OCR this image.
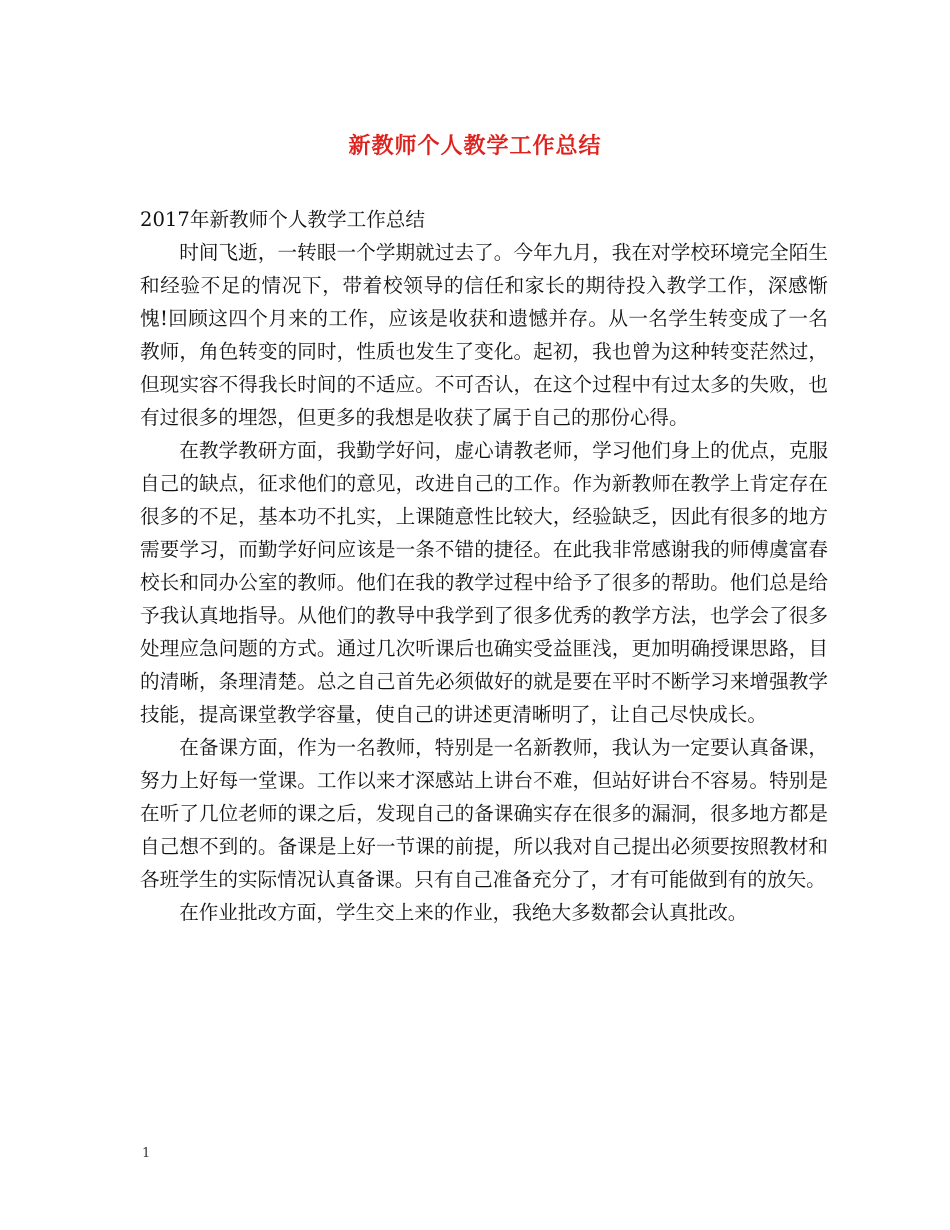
新教师个人教学工作总结

2017年新教师个人教学工作总结

时间飞逝，一转眼一个学期就过去了。今年九月，我在对学校环境完全陌生和经验不足的情况下，带着校领导的信任和家长的期待投入教学工作，深感惭愧!回顾这四个月来的工作，应该是收获和遗憾并存。从一名学生转变成了一名教师，角色转变的同时，性质也发生了变化。起初，我也曾为这种转变茫然过，但现实容不得我长时间的不适应。不可否认，在这个过程中有过太多的失败，也有过很多的埋怨，但更多的我想是收获了属于自己的那份心得。

在教学教研方面，我勤学好问，虚心请教老师，学习他们身上的优点，克服自己的缺点，征求他们的意见，改进自己的工作。作为新教师在教学上肯定存在很多的不足，基本功不扎实，上课随意性比较大，经验缺乏，因此有很多的地方需要学习，而勤学好问应该是一条不错的捷径。在此我非常感谢我的师傅虞富春校长和同办公室的教师。他们在我的教学过程中给予了很多的帮助。他们总是给予我认真地指导。从他们的教导中我学到了很多优秀的教学方法，也学会了很多处理应急问题的方式。通过几次听课后也确实受益匪浅，更加明确授课思路，目的清晰，条理清楚。总之自己首先必须做好的就是要在平时不断学习来增强教学技能，提高课堂教学容量，使自己的讲述更清晰明了，让自己尽快成长。

在备课方面，作为一名教师，特别是一名新教师，我认为一定要认真备课，努力上好每一堂课。工作以来才深感站上讲台不难，但站好讲台不容易。特别是在听了几位老师的课之后，发现自己的备课确实存在很多的漏洞，很多地方都是自己想不到的。备课是上好一节课的前提，所以我对自己提出必须要按照教材和各班学生的实际情况认真备课。只有自己准备充分了，才有可能做到有的放矢。

在作业批改方面，学生交上来的作业，我绝大多数都会认真批改。

1
